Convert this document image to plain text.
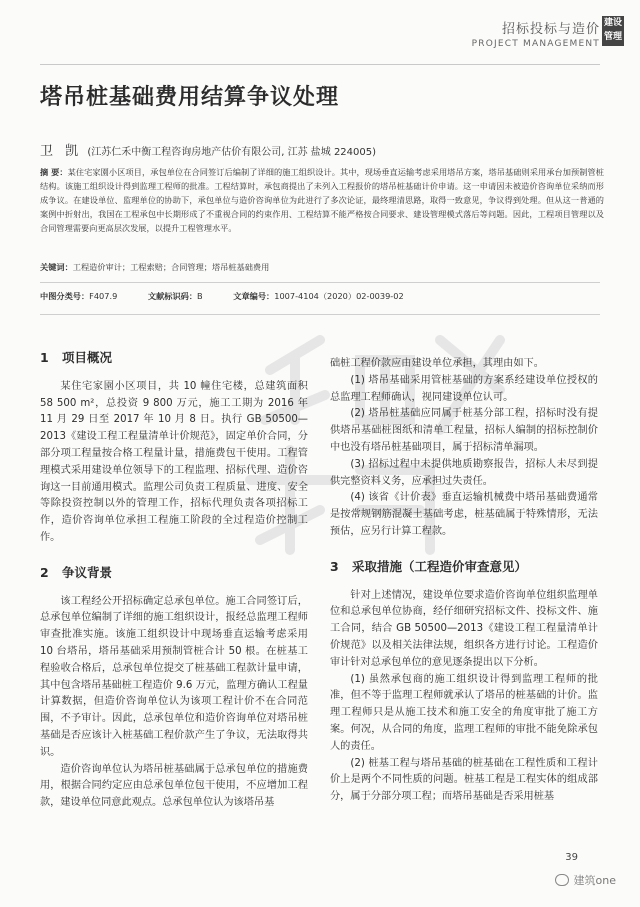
招标投标与造价
PROJECT MANAGEMENT
建设 管理
塔吊桩基础费用结算争议处理
卫 凯 (江苏仁禾中衡工程咨询房地产估价有限公司, 江苏 盐城 224005)
摘 要：某住宅家園小区项目，承包单位在合同签订后编制了详细的施工组织设计。其中，现场垂直运输考虑采用塔吊方案，塔吊基础则采用承台加预制管桩结构。该施工组织设计得到监理工程师的批准。工程结算时，承包商提出了未列入工程报价的塔吊桩基础计价申请。这一申请因未被造价咨询单位采纳而形成争议。在建设单位、监理单位的协助下，承包单位与造价咨询单位为此进行了多次论证，最终理清思路，取得一致意见，争议得到处理。但从这一普通的案例中折射出，我国在工程承包中长期形成了不重视合同的约束作用、工程结算不能严格按合同要求、建设管理模式落后等问题。因此，工程项目管理以及合同管理需要向更高层次发展，以提升工程管理水平。
关键词：工程造价审计；工程索赔；合同管理；塔吊桩基础费用
中图分类号：F407.9	文献标识码：B	文章编号：1007-4104（2020）02-0039-02
1 项目概况

某住宅家園小区项目，共 10 幢住宅楼，总建筑面积 58 500 m²，总投资 9 800 万元，施工工期为 2016 年 11 月 29 日至 2017 年 10 月 8 日。执行 GB 50500—2013《建设工程工程量清单计价规范》，固定单价合同，分部分项工程量按合格工程量计量，措施费包干使用。工程管理模式采用建设单位领导下的工程监理、招标代理、造价咨询这一目前通用模式。监理公司负责工程质量、进度、安全等除投资控制以外的管理工作，招标代理负责各项招标工作，造价咨询单位承担工程施工阶段的全过程造价控制工作。

2 争议背景

该工程经公开招标确定总承包单位。施工合同签订后，总承包单位编制了详细的施工组织设计，报经总监理工程师审查批准实施。该施工组织设计中现场垂直运输考虑采用 10 台塔吊，塔吊基础采用预制管桩合计 50 根。在桩基工程验收合格后，总承包单位提交了桩基础工程款计量申请，其中包含塔吊基础桩工程造价 9.6 万元，监理方确认工程量计算数据，但造价咨询单位认为该项工程计价不在合同范围，不予审计。因此，总承包单位和造价咨询单位对塔吊桩基础是否应该计入桩基础工程价款产生了争议，无法取得共识。

造价咨询单位认为塔吊桩基础属于总承包单位的措施费用，根据合同约定应由总承包单位包干使用，不应增加工程款，建设单位同意此观点。总承包单位认为该塔吊基

础桩工程价款应由建设单位承担，其理由如下。

(1) 塔吊基础采用管桩基础的方案系经建设单位授权的总监理工程师确认，视同建设单位认可。

(2) 塔吊桩基础应同属于桩基分部工程，招标时没有提供塔吊基础桩图纸和清单工程量，招标人编制的招标控制价中也没有塔吊桩基础项目，属于招标清单漏项。

(3) 招标过程中未提供地质勘察报告，招标人未尽到提供完整资料义务，应承担过失责任。

(4) 该省《计价表》垂直运输机械费中塔吊基础费通常是按常规钢筋混凝土基础考虑，桩基础属于特殊情形，无法预估，应另行计算工程款。

3 采取措施（工程造价审查意见）

针对上述情况，建设单位要求造价咨询单位组织监理单位和总承包单位协商，经仔细研究招标文件、投标文件、施工合同，结合 GB 50500—2013《建设工程工程量清单计价规范》以及相关法律法规，组织各方进行讨论。工程造价审计针对总承包单位的意见逐条提出以下分析。

(1) 虽然承包商的施工组织设计得到监理工程师的批准，但不等于监理工程师就承认了塔吊的桩基础的计价。监理工程师只是从施工技术和施工安全的角度审批了施工方案。何况，从合同的角度，监理工程师的审批不能免除承包人的责任。

(2) 桩基工程与塔吊基础的桩基础在工程性质和工程计价上是两个不同性质的问题。桩基工程是工程实体的组成部分，属于分部分项工程；而塔吊基础是否采用桩基

39
建筑one
